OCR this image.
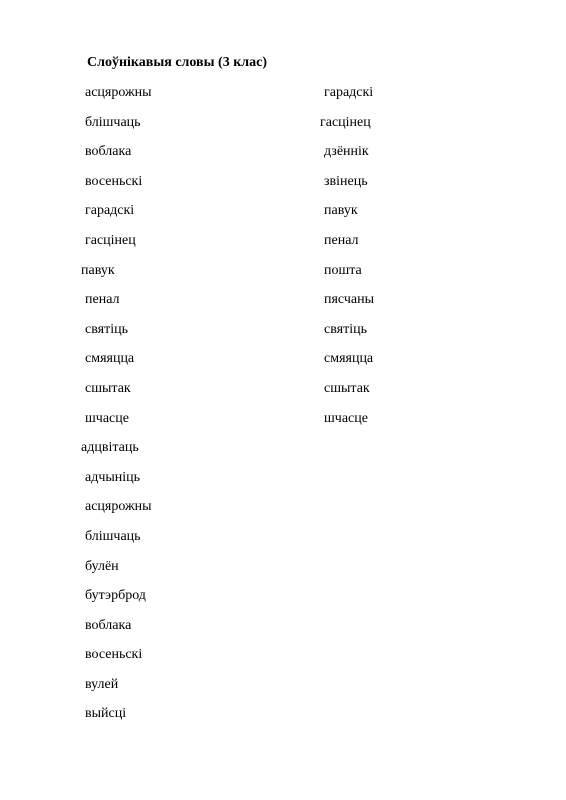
Слоўнікавыя словы (3 клас)
асцярожны
блішчаць
воблака
восеньскі
гарадскі
гасцінец
павук
пенал
святіць
смяяцца
сшытак
шчасце
адцвітаць
адчыніць
асцярожны
блішчаць
булён
бутэрброд
воблака
восеньскі
вулей
выйсці
гарадскі
гасцінец
дзённік
звінець
павук
пенал
пошта
пясчаны
святіць
смяяцца
сшытак
шчасце
